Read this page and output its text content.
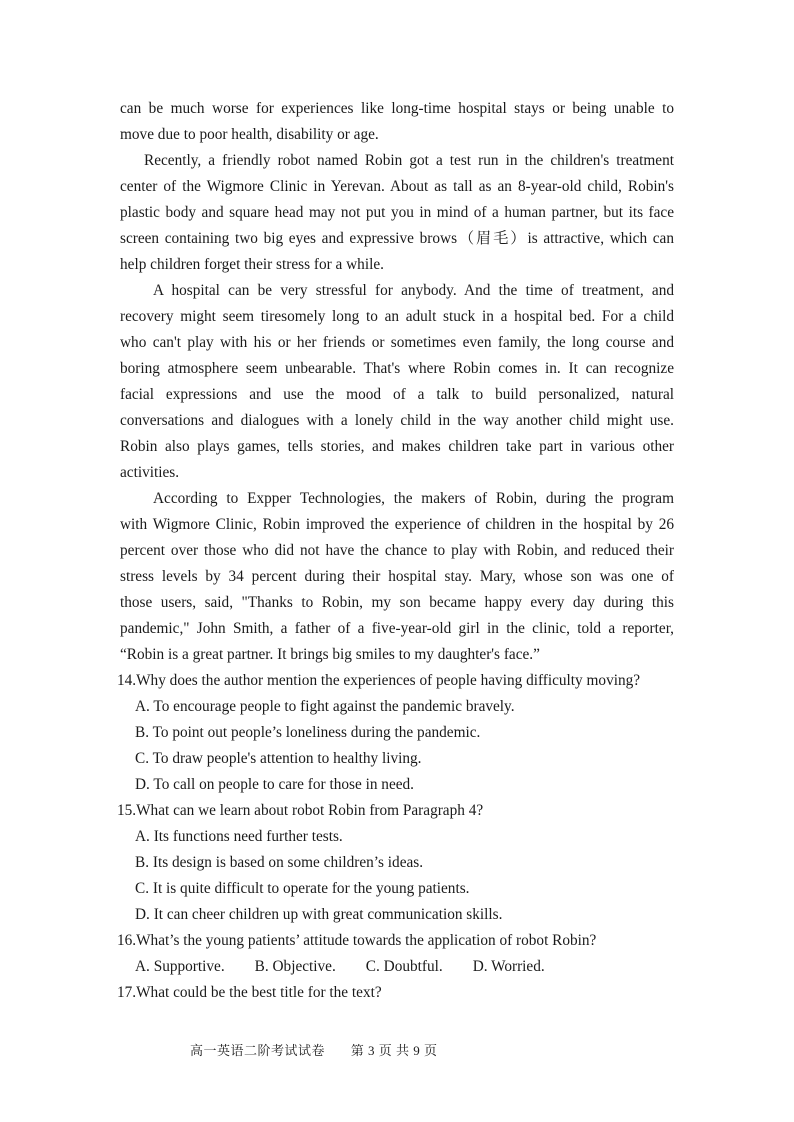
can be much worse for experiences like long-time hospital stays or being unable to
move due to poor health, disability or age.

Recently, a friendly robot named Robin got a test run in the children's treatment
center of the Wigmore Clinic in Yerevan. About as tall as an 8-year-old child, Robin's
plastic body and square head may not put you in mind of a human partner, but its face
screen containing two big eyes and expressive brows（眉毛）is attractive, which can
help children forget their stress for a while.

A hospital can be very stressful for anybody. And the time of treatment, and
recovery might seem tiresomely long to an adult stuck in a hospital bed. For a child
who can't play with his or her friends or sometimes even family, the long course and
boring atmosphere seem unbearable. That's where Robin comes in. It can recognize
facial expressions and use the mood of a talk to build personalized, natural
conversations and dialogues with a lonely child in the way another child might use.
Robin also plays games, tells stories, and makes children take part in various other
activities.

According to Expper Technologies, the makers of Robin, during the program
with Wigmore Clinic, Robin improved the experience of children in the hospital by 26
percent over those who did not have the chance to play with Robin, and reduced their
stress levels by 34 percent during their hospital stay. Mary, whose son was one of
those users, said, "Thanks to Robin, my son became happy every day during this
pandemic," John Smith, a father of a five-year-old girl in the clinic, told a reporter,
“Robin is a great partner. It brings big smiles to my daughter's face.”

14.Why does the author mention the experiences of people having difficulty moving?
A. To encourage people to fight against the pandemic bravely.
B. To point out people’s loneliness during the pandemic.
C. To draw people's attention to healthy living.
D. To call on people to care for those in need.
15.What can we learn about robot Robin from Paragraph 4?
A. Its functions need further tests.
B. Its design is based on some children’s ideas.
C. It is quite difficult to operate for the young patients.
D. It can cheer children up with great communication skills.
16.What’s the young patients’ attitude towards the application of robot Robin?
A. Supportive. B. Objective. C. Doubtful. D. Worried.
17.What could be the best title for the text?
高一英语二阶考试试卷 第 3 页 共 9 页
